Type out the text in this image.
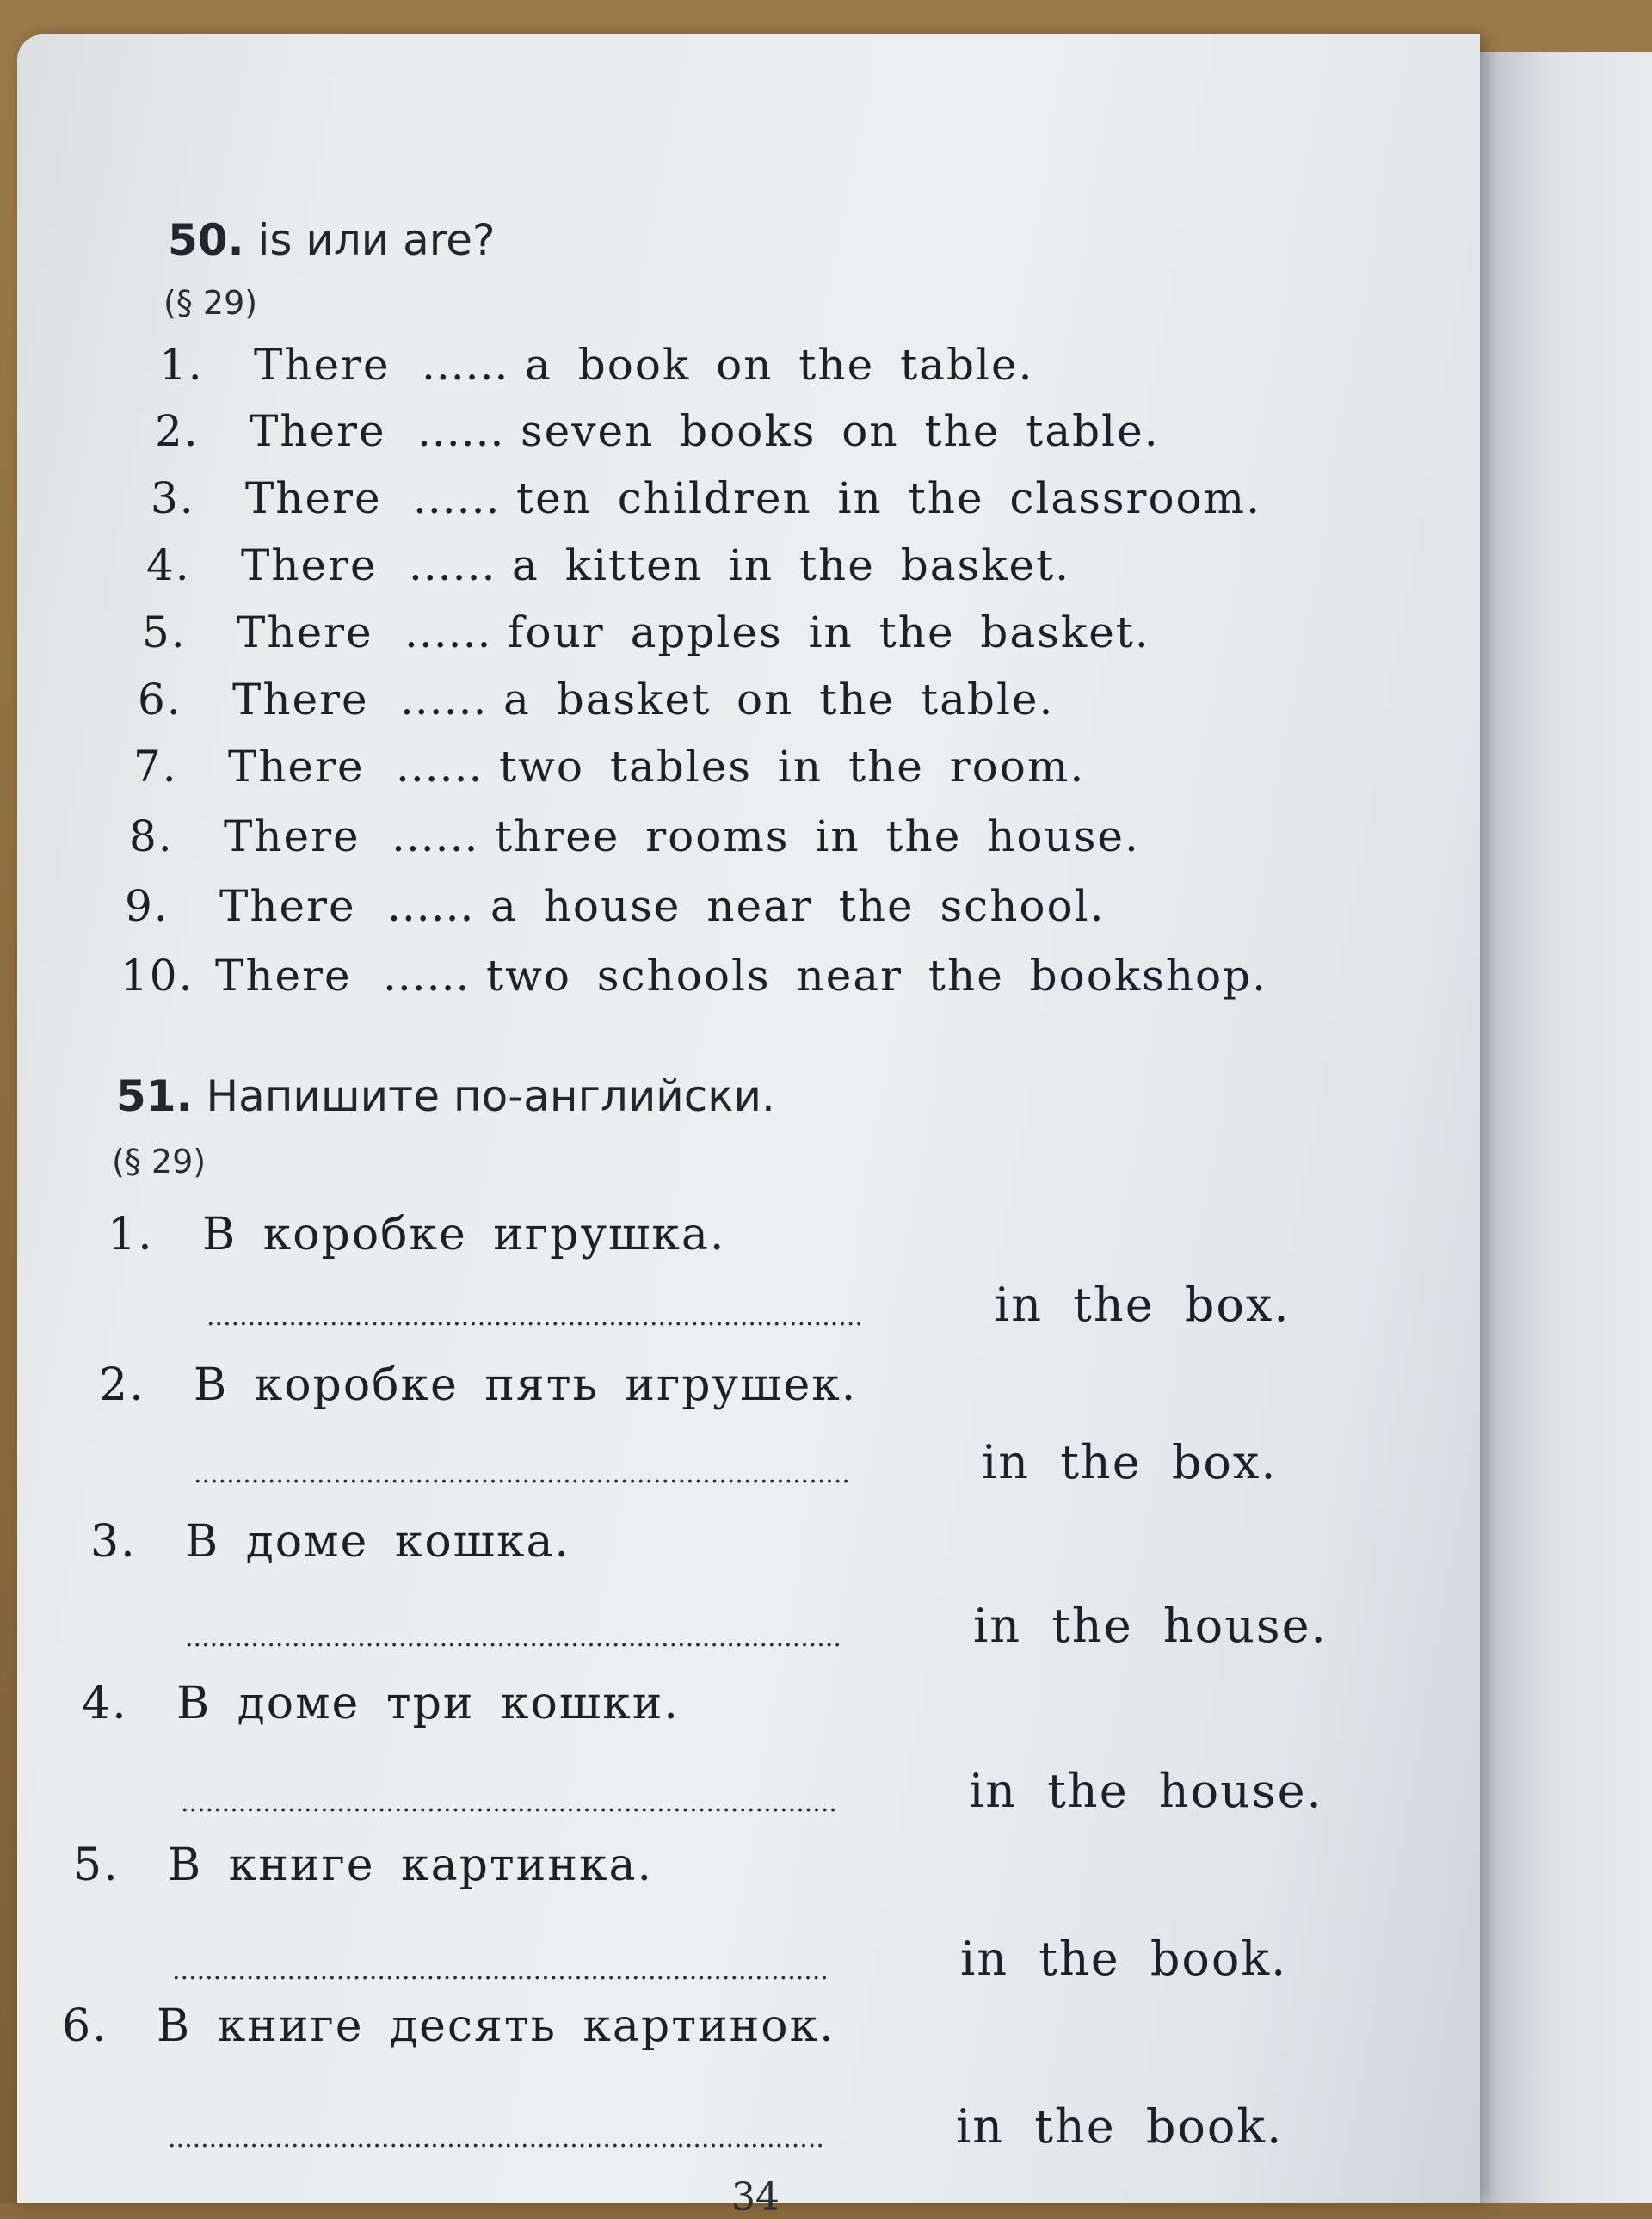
50. is или are?
(§ 29)
1. There ...... a book on the table.
2. There ...... seven books on the table.
3. There ...... ten children in the classroom.
4. There ...... a kitten in the basket.
5. There ...... four apples in the basket.
6. There ...... a basket on the table.
7. There ...... two tables in the room.
8. There ...... three rooms in the house.
9. There ...... a house near the school.
10. There ...... two schools near the bookshop.
51. Напишите по-английски.
(§ 29)
1. В коробке игрушка.
................................................................................	in the box.
2. В коробке пять игрушек.
................................................................................	in the box.
3. В доме кошка.
................................................................................	in the house.
4. В доме три кошки.
................................................................................	in the house.
5. В книге картинка.
................................................................................	in the book.
6. В книге десять картинок.
................................................................................	in the book.
34
